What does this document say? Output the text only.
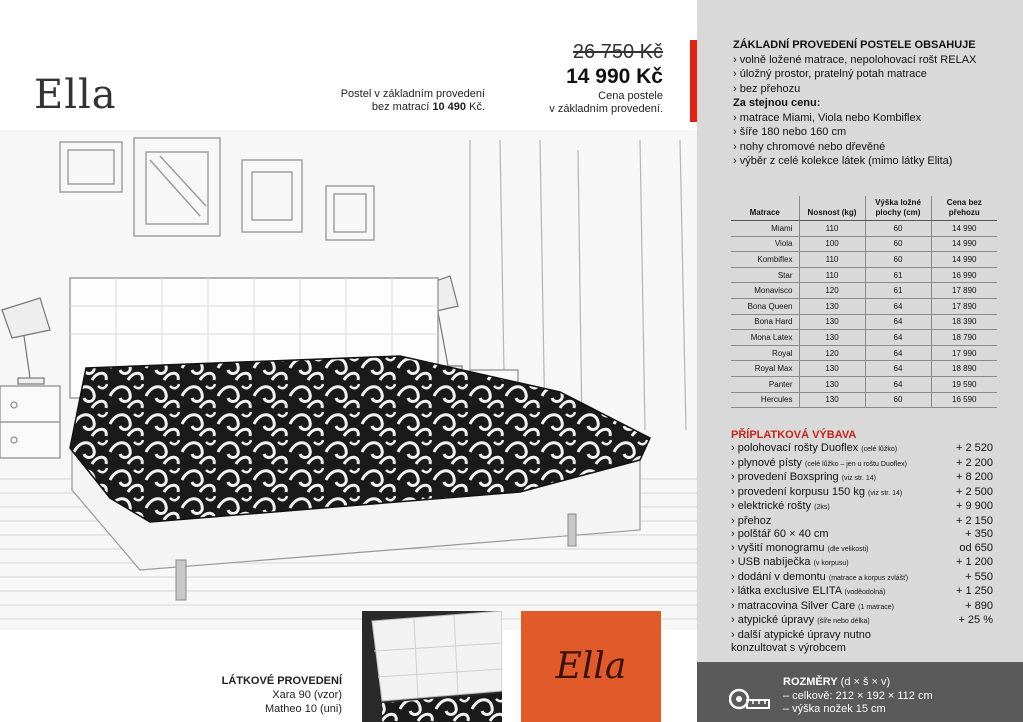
Ella	Postel v základním provedení
bez matrací 10 490 Kč.
26 750 Kč
14 990 Kč
Cena postele
v základním provedení.
LÁTKOVÉ PROVEDENÍ
Xara 90 (vzor)
Matheo 10 (uni)
Ella
ZÁKLADNÍ PROVEDENÍ POSTELE OBSAHUJE
› volně ložené matrace, nepolohovací rošt RELAX
› úložný prostor, pratelný potah matrace
› bez přehozu
Za stejnou cenu:
› matrace Miami, Viola nebo Kombiflex
› šíře 180 nebo 160 cm
› nohy chromové nebo dřevěné
› výběr z celé kolekce látek (mimo látky Elita)
Matrace	Nosnost (kg)	Výška ložné plochy (cm)	Cena bez přehozu
Miami	110	60	14 990
Viola	100	60	14 990
Kombiflex	110	60	14 990
Star	110	61	16 990
Monavisco	120	61	17 890
Bona Queen	130	64	17 890
Bona Hard	130	64	18 390
Mona Latex	130	64	18 790
Royal	120	64	17 990
Royal Max	130	64	18 890
Panter	130	64	19 590
Hercules	130	60	16 590
PŘÍPLATKOVÁ VÝBAVA
› polohovací rošty Duoflex (celé lůžko)	+ 2 520
› plynové písty (celé lůžko – jen u roštu Duoflex)	+ 2 200
› provedení Boxspring (viz str. 14)	+ 8 200
› provedení korpusu 150 kg (viz str. 14)	+ 2 500
› elektrické rošty (2ks)	+ 9 900
› přehoz	+ 2 150
› polštář 60 × 40 cm	+ 350
› vyšití monogramu (dle velikosti)	od 650
› USB nabíječka (v korpusu)	+ 1 200
› dodání v demontu (matrace a korpus zvlášť)	+ 550
› látka exclusive ELITA (voděodolná)	+ 1 250
› matracovina Silver Care (1 matrace)	+ 890
› atypické úpravy (šíře nebo délka)	+ 25 %
› další atypické úpravy nutno
konzultovat s výrobcem
ROZMĚRY (d × š × v)
– celkově: 212 × 192 × 112 cm
– výška nožek 15 cm
